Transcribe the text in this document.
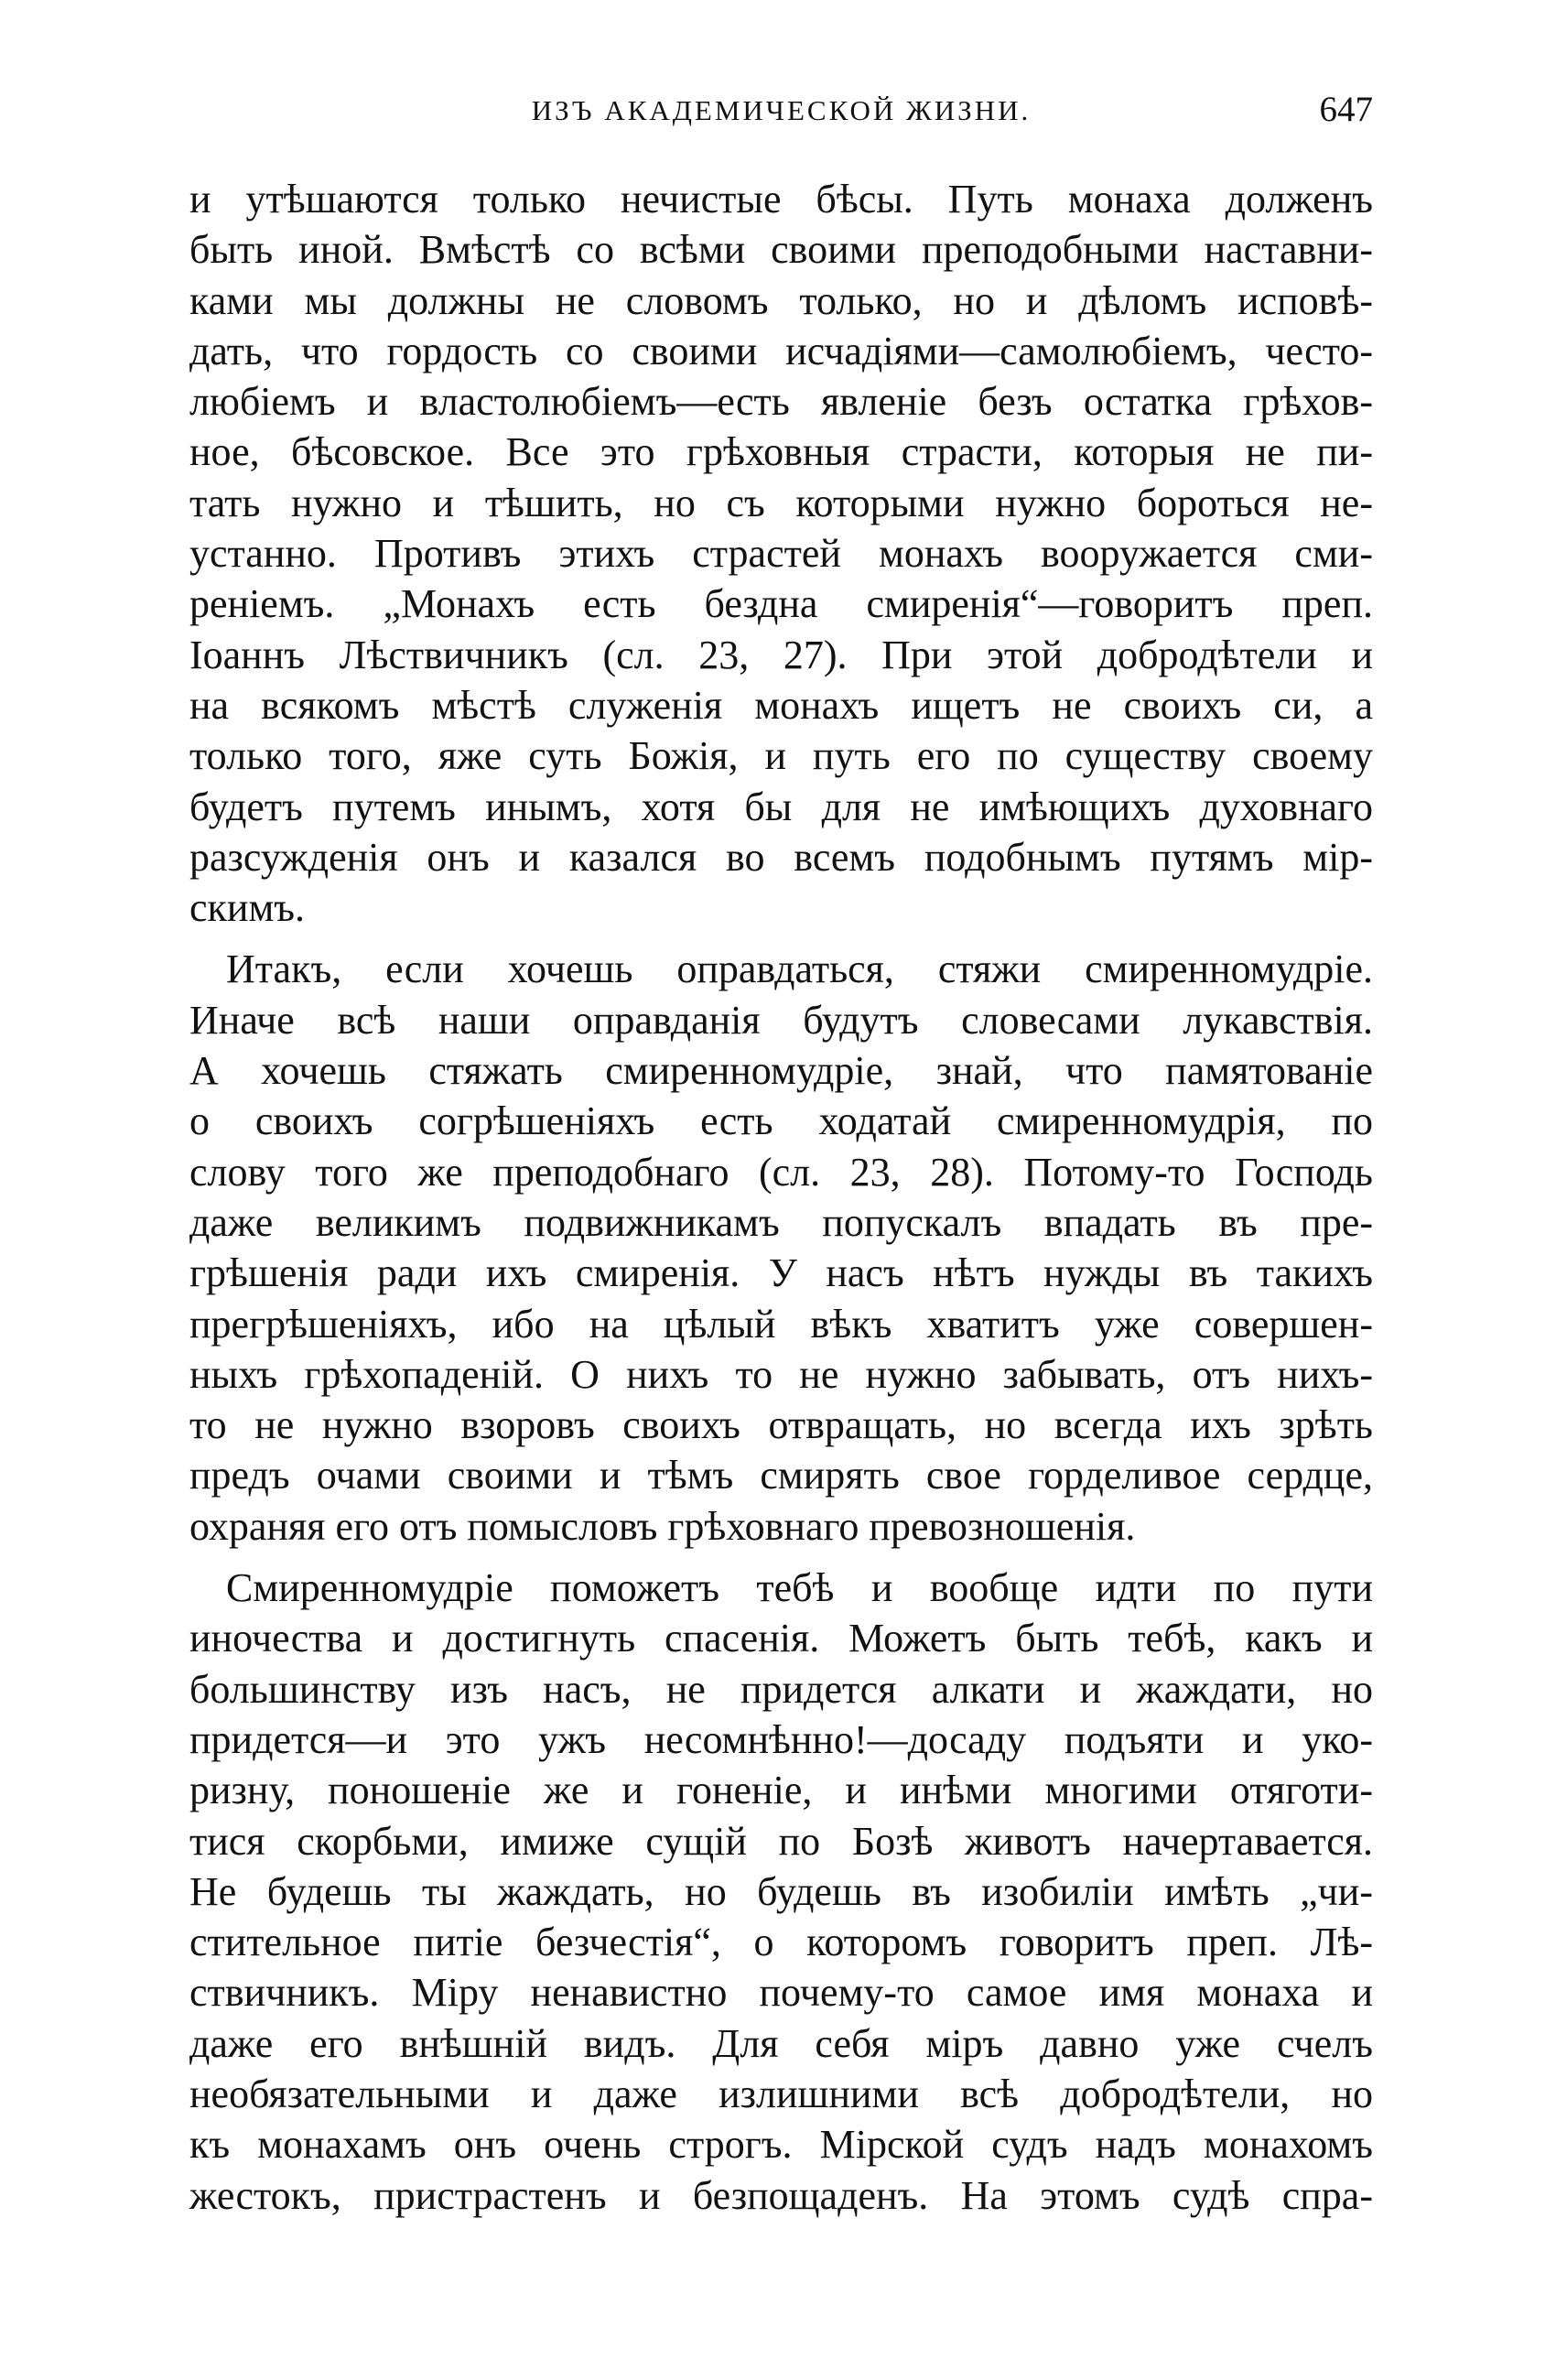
ИЗЪ АКАДЕМИЧЕСКОЙ ЖИЗНИ.	647
и утѣшаются только нечистые бѣсы. Путь монаха долженъ
быть иной. Вмѣстѣ со всѣми своими преподобными наставни-
ками мы должны не словомъ только, но и дѣломъ исповѣ-
дать, что гордость со своими исчадіями—самолюбіемъ, често-
любіемъ и властолюбіемъ—есть явленіе безъ остатка грѣхов-
ное, бѣсовское. Все это грѣховныя страсти, которыя не пи-
тать нужно и тѣшить, но съ которыми нужно бороться не-
устанно. Противъ этихъ страстей монахъ вооружается сми-
реніемъ. „Монахъ есть бездна смиренія“—говоритъ преп.
Іоаннъ Лѣствичникъ (сл. 23, 27). При этой добродѣтели и
на всякомъ мѣстѣ служенія монахъ ищетъ не своихъ си, а
только того, яже суть Божія, и путь его по существу своему
будетъ путемъ инымъ, хотя бы для не имѣющихъ духовнаго
разсужденія онъ и казался во всемъ подобнымъ путямъ мір-
скимъ.
Итакъ, если хочешь оправдаться, стяжи смиренномудріе.
Иначе всѣ наши оправданія будутъ словесами лукавствія.
А хочешь стяжать смиренномудріе, знай, что памятованіе
о своихъ согрѣшеніяхъ есть ходатай смиренномудрія, по
слову того же преподобнаго (сл. 23, 28). Потому-то Господь
даже великимъ подвижникамъ попускалъ впадать въ пре-
грѣшенія ради ихъ смиренія. У насъ нѣтъ нужды въ такихъ
прегрѣшеніяхъ, ибо на цѣлый вѣкъ хватитъ уже совершен-
ныхъ грѣхопаденій. О нихъ то не нужно забывать, отъ нихъ-
то не нужно взоровъ своихъ отвращать, но всегда ихъ зрѣть
предъ очами своими и тѣмъ смирять свое горделивое сердце,
охраняя его отъ помысловъ грѣховнаго превозношенія.
Смиренномудріе поможетъ тебѣ и вообще идти по пути
иночества и достигнуть спасенія. Можетъ быть тебѣ, какъ и
большинству изъ насъ, не придется алкати и жаждати, но
придется—и это ужъ несомнѣнно!—досаду подъяти и уко-
ризну, поношеніе же и гоненіе, и инѣми многими отяготи-
тися скорбьми, имиже сущій по Бозѣ животъ начертавается.
Не будешь ты жаждать, но будешь въ изобиліи имѣть „чи-
стительное питіе безчестія“, о которомъ говоритъ преп. Лѣ-
ствичникъ. Міру ненавистно почему-то самое имя монаха и
даже его внѣшній видъ. Для себя міръ давно уже счелъ
необязательными и даже излишними всѣ добродѣтели, но
къ монахамъ онъ очень строгъ. Мірской судъ надъ монахомъ
жестокъ, пристрастенъ и безпощаденъ. На этомъ судѣ спра-
